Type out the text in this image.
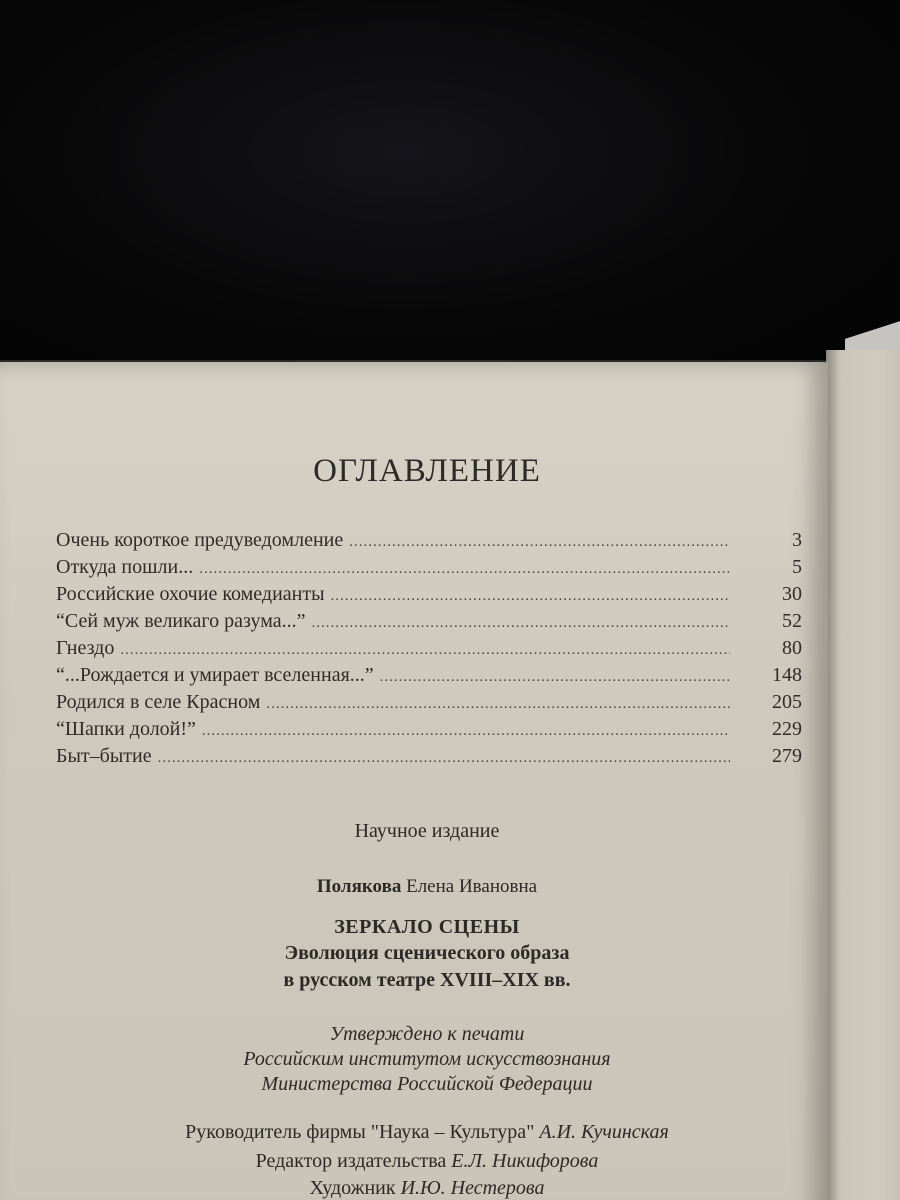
ОГЛАВЛЕНИЕ
Очень короткое предуведомление .....	3
Откуда пошли... .....	5
Российские охочие комедианты .....	30
“Сей муж великаго разума...” .....	52
Гнездо .....	80
“...Рождается и умирает вселенная...” .....	148
Родился в селе Красном .....	205
“Шапки долой!” .....	229
Быт–бытие .....	279
Научное издание
Полякова Елена Ивановна
ЗЕРКАЛО СЦЕНЫ
Эволюция сценического образа
в русском театре XVIII–XIX вв.
Утверждено к печати
Российским институтом искусствознания
Министерства Российской Федерации
Руководитель фирмы "Наука – Культура" А.И. Кучинская
Редактор издательства Е.Л. Никифорова
Художник И.Ю. Нестерова
